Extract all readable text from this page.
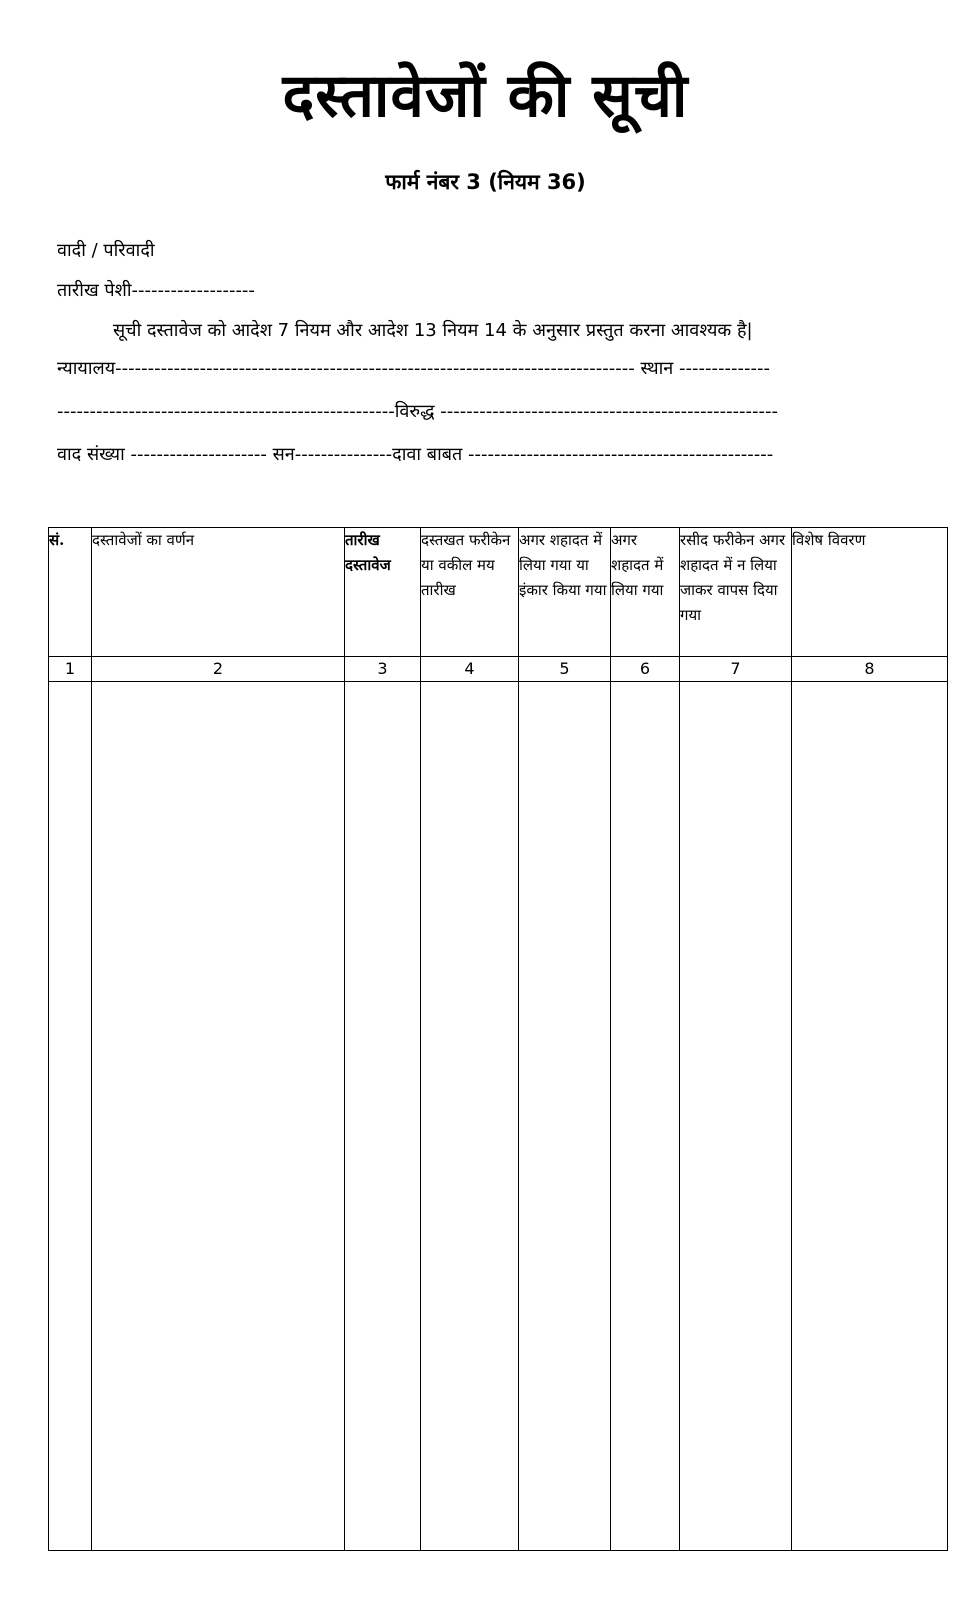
दस्तावेजों की सूची
फार्म नंबर 3 (नियम 36)
वादी / परिवादी
तारीख पेशी-------------------
सूची दस्तावेज को आदेश 7 नियम और आदेश 13 नियम 14 के अनुसार प्रस्तुत करना आवश्यक है|
न्यायालय-------------------------------------------------------------------------------- स्थान --------------
----------------------------------------------------विरुद्ध ----------------------------------------------------
वाद संख्या --------------------- सन---------------दावा बाबत -----------------------------------------------
सं.	दस्तावेजों का वर्णन	तारीख दस्तावेज	दस्तखत फरीकेन या वकील मय तारीख	अगर शहादत में लिया गया या इंकार किया गया	अगर शहादत में लिया गया	रसीद फरीकेन अगर शहादत में न लिया जाकर वापस दिया गया	विशेष विवरण
1	2	3	4	5	6	7	8
